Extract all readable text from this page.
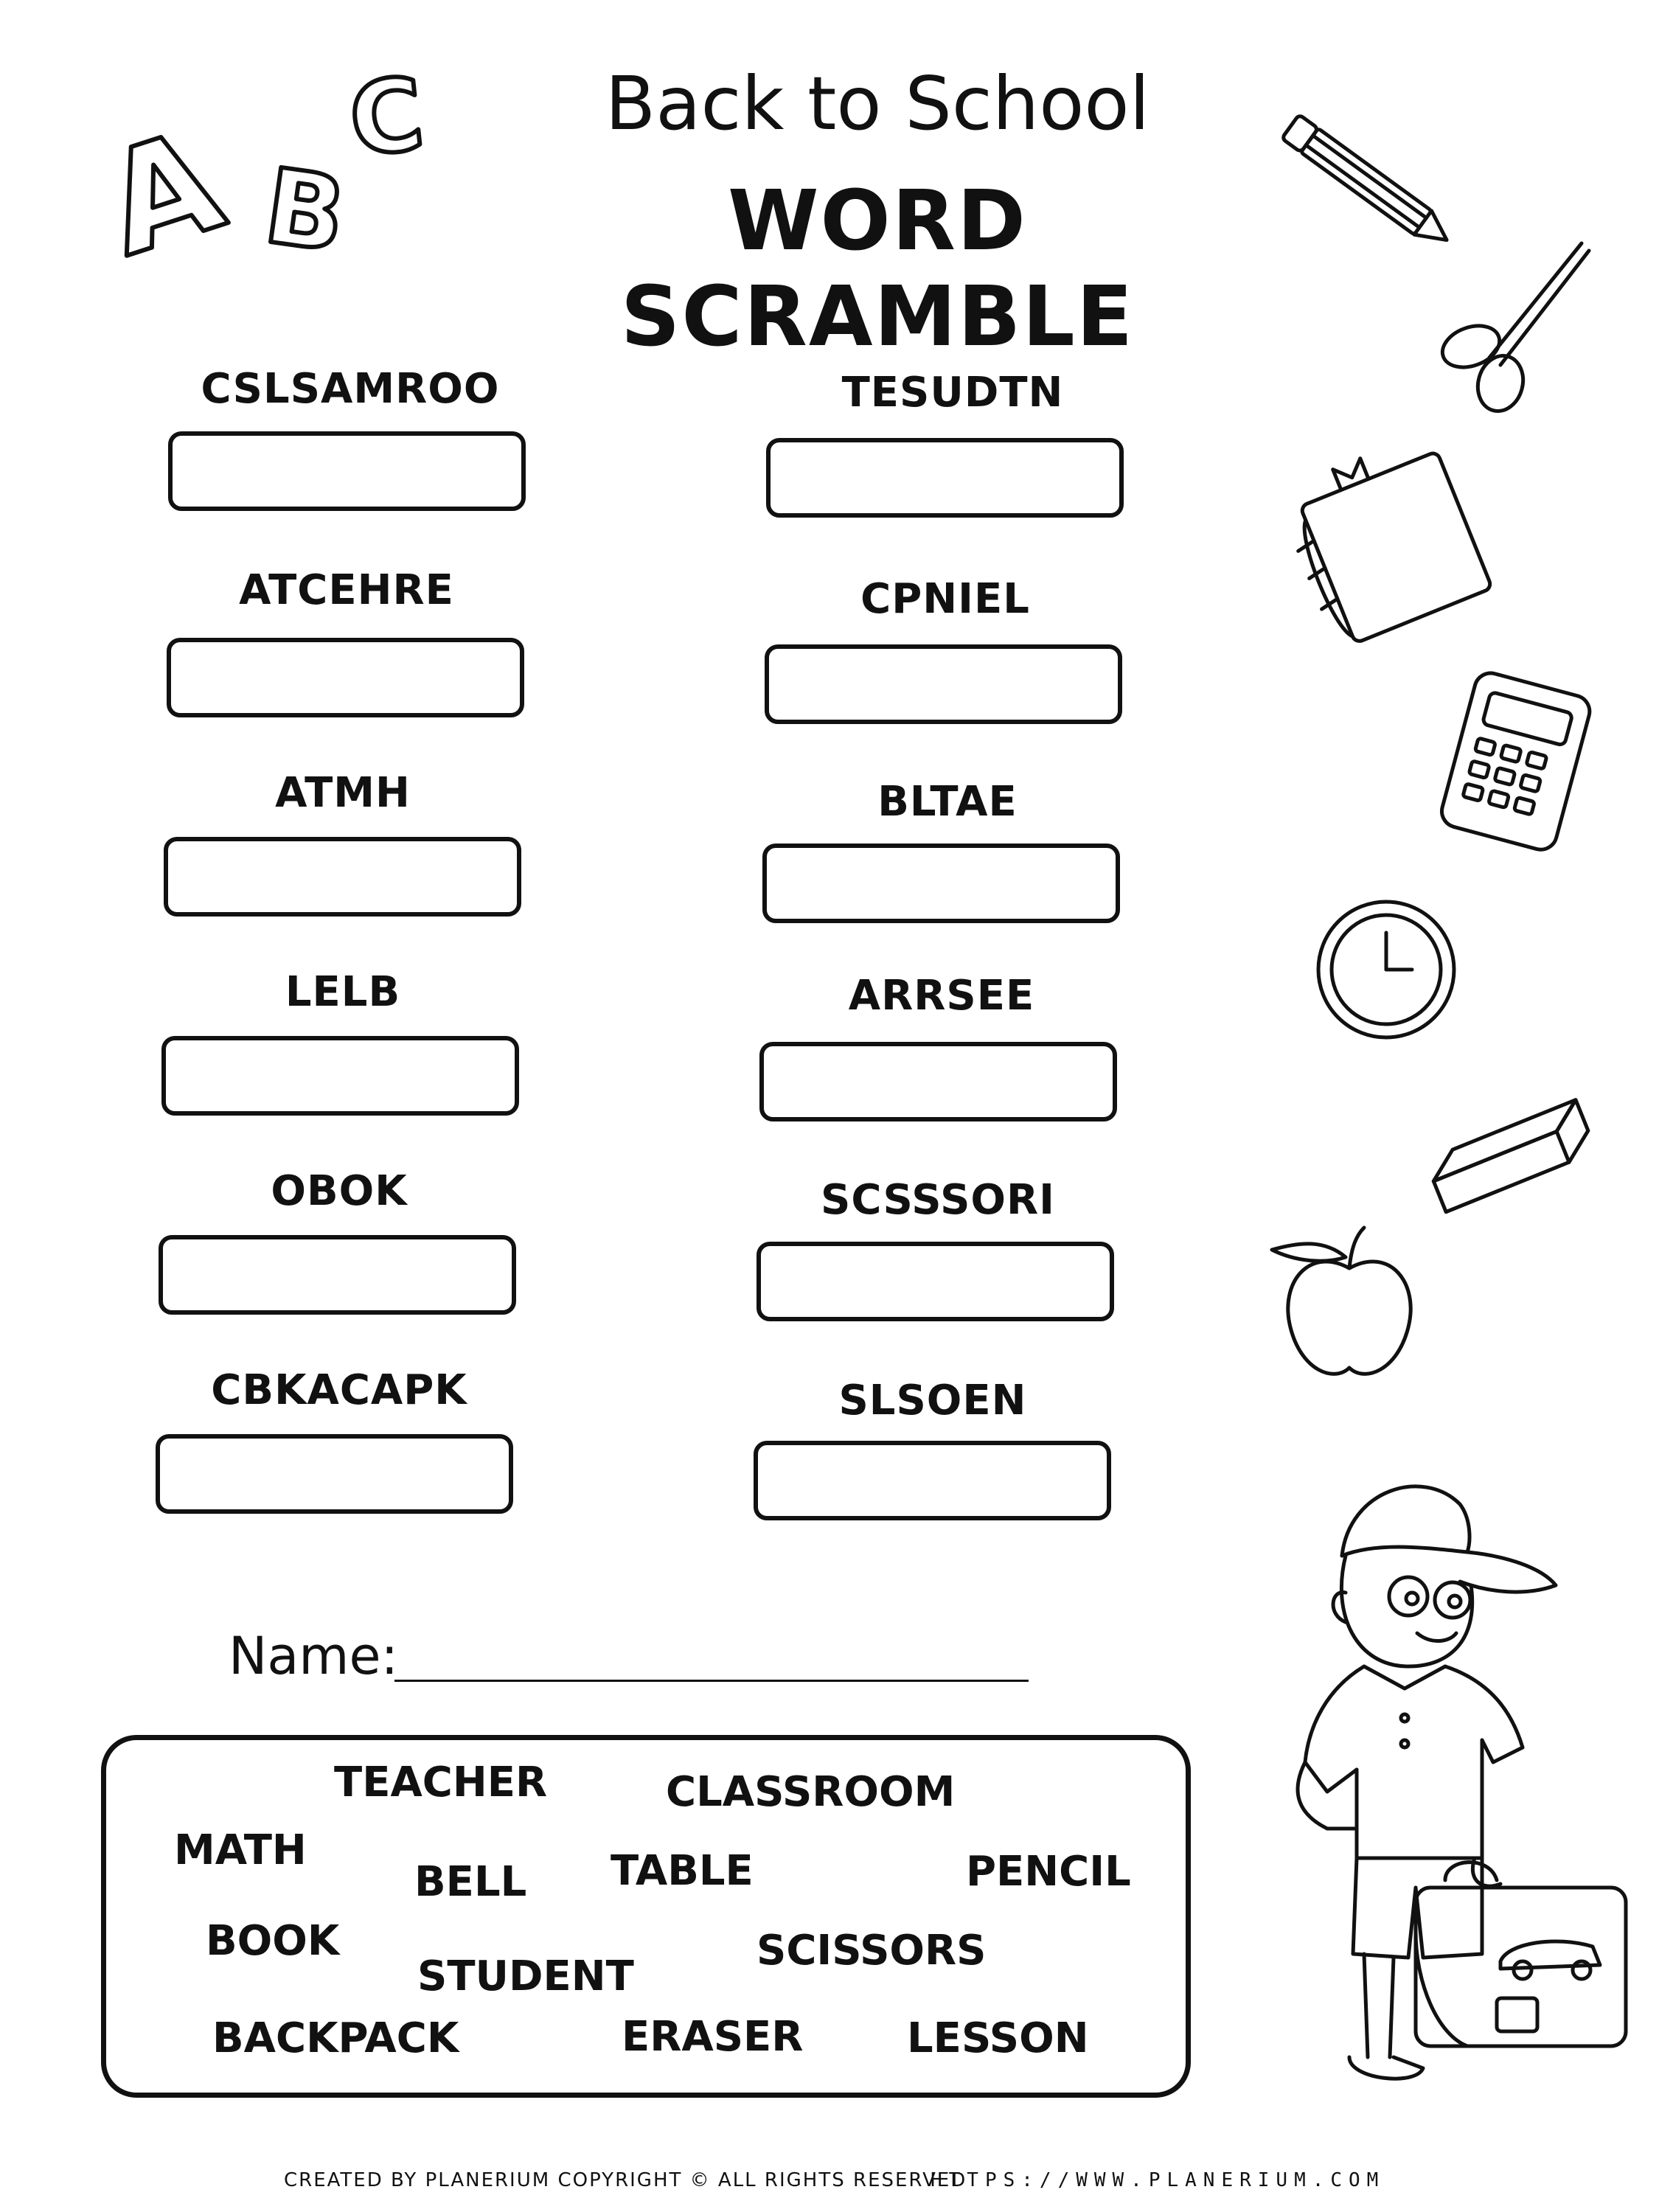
A B
C	Back to School
WORD SCRAMBLE
CSLSAMROO
ATCEHRE
ATMH
LELB
OBOK
CBKACAPK
TESUDTN
CPNIEL
BLTAE
ARRSEE
SCSSSORI
SLSOEN
Name:
TEACHER	CLASSROOM
MATH
BELL TABLE	PENCIL
BOOK
STUDENT
SCISSORS
BACKPACK	ERASER	LESSON
CREATED BY PLANERIUM COPYRIGHT © ALL RIGHTS RESERVED
HTTPS://WWW.PLANERIUM.COM
